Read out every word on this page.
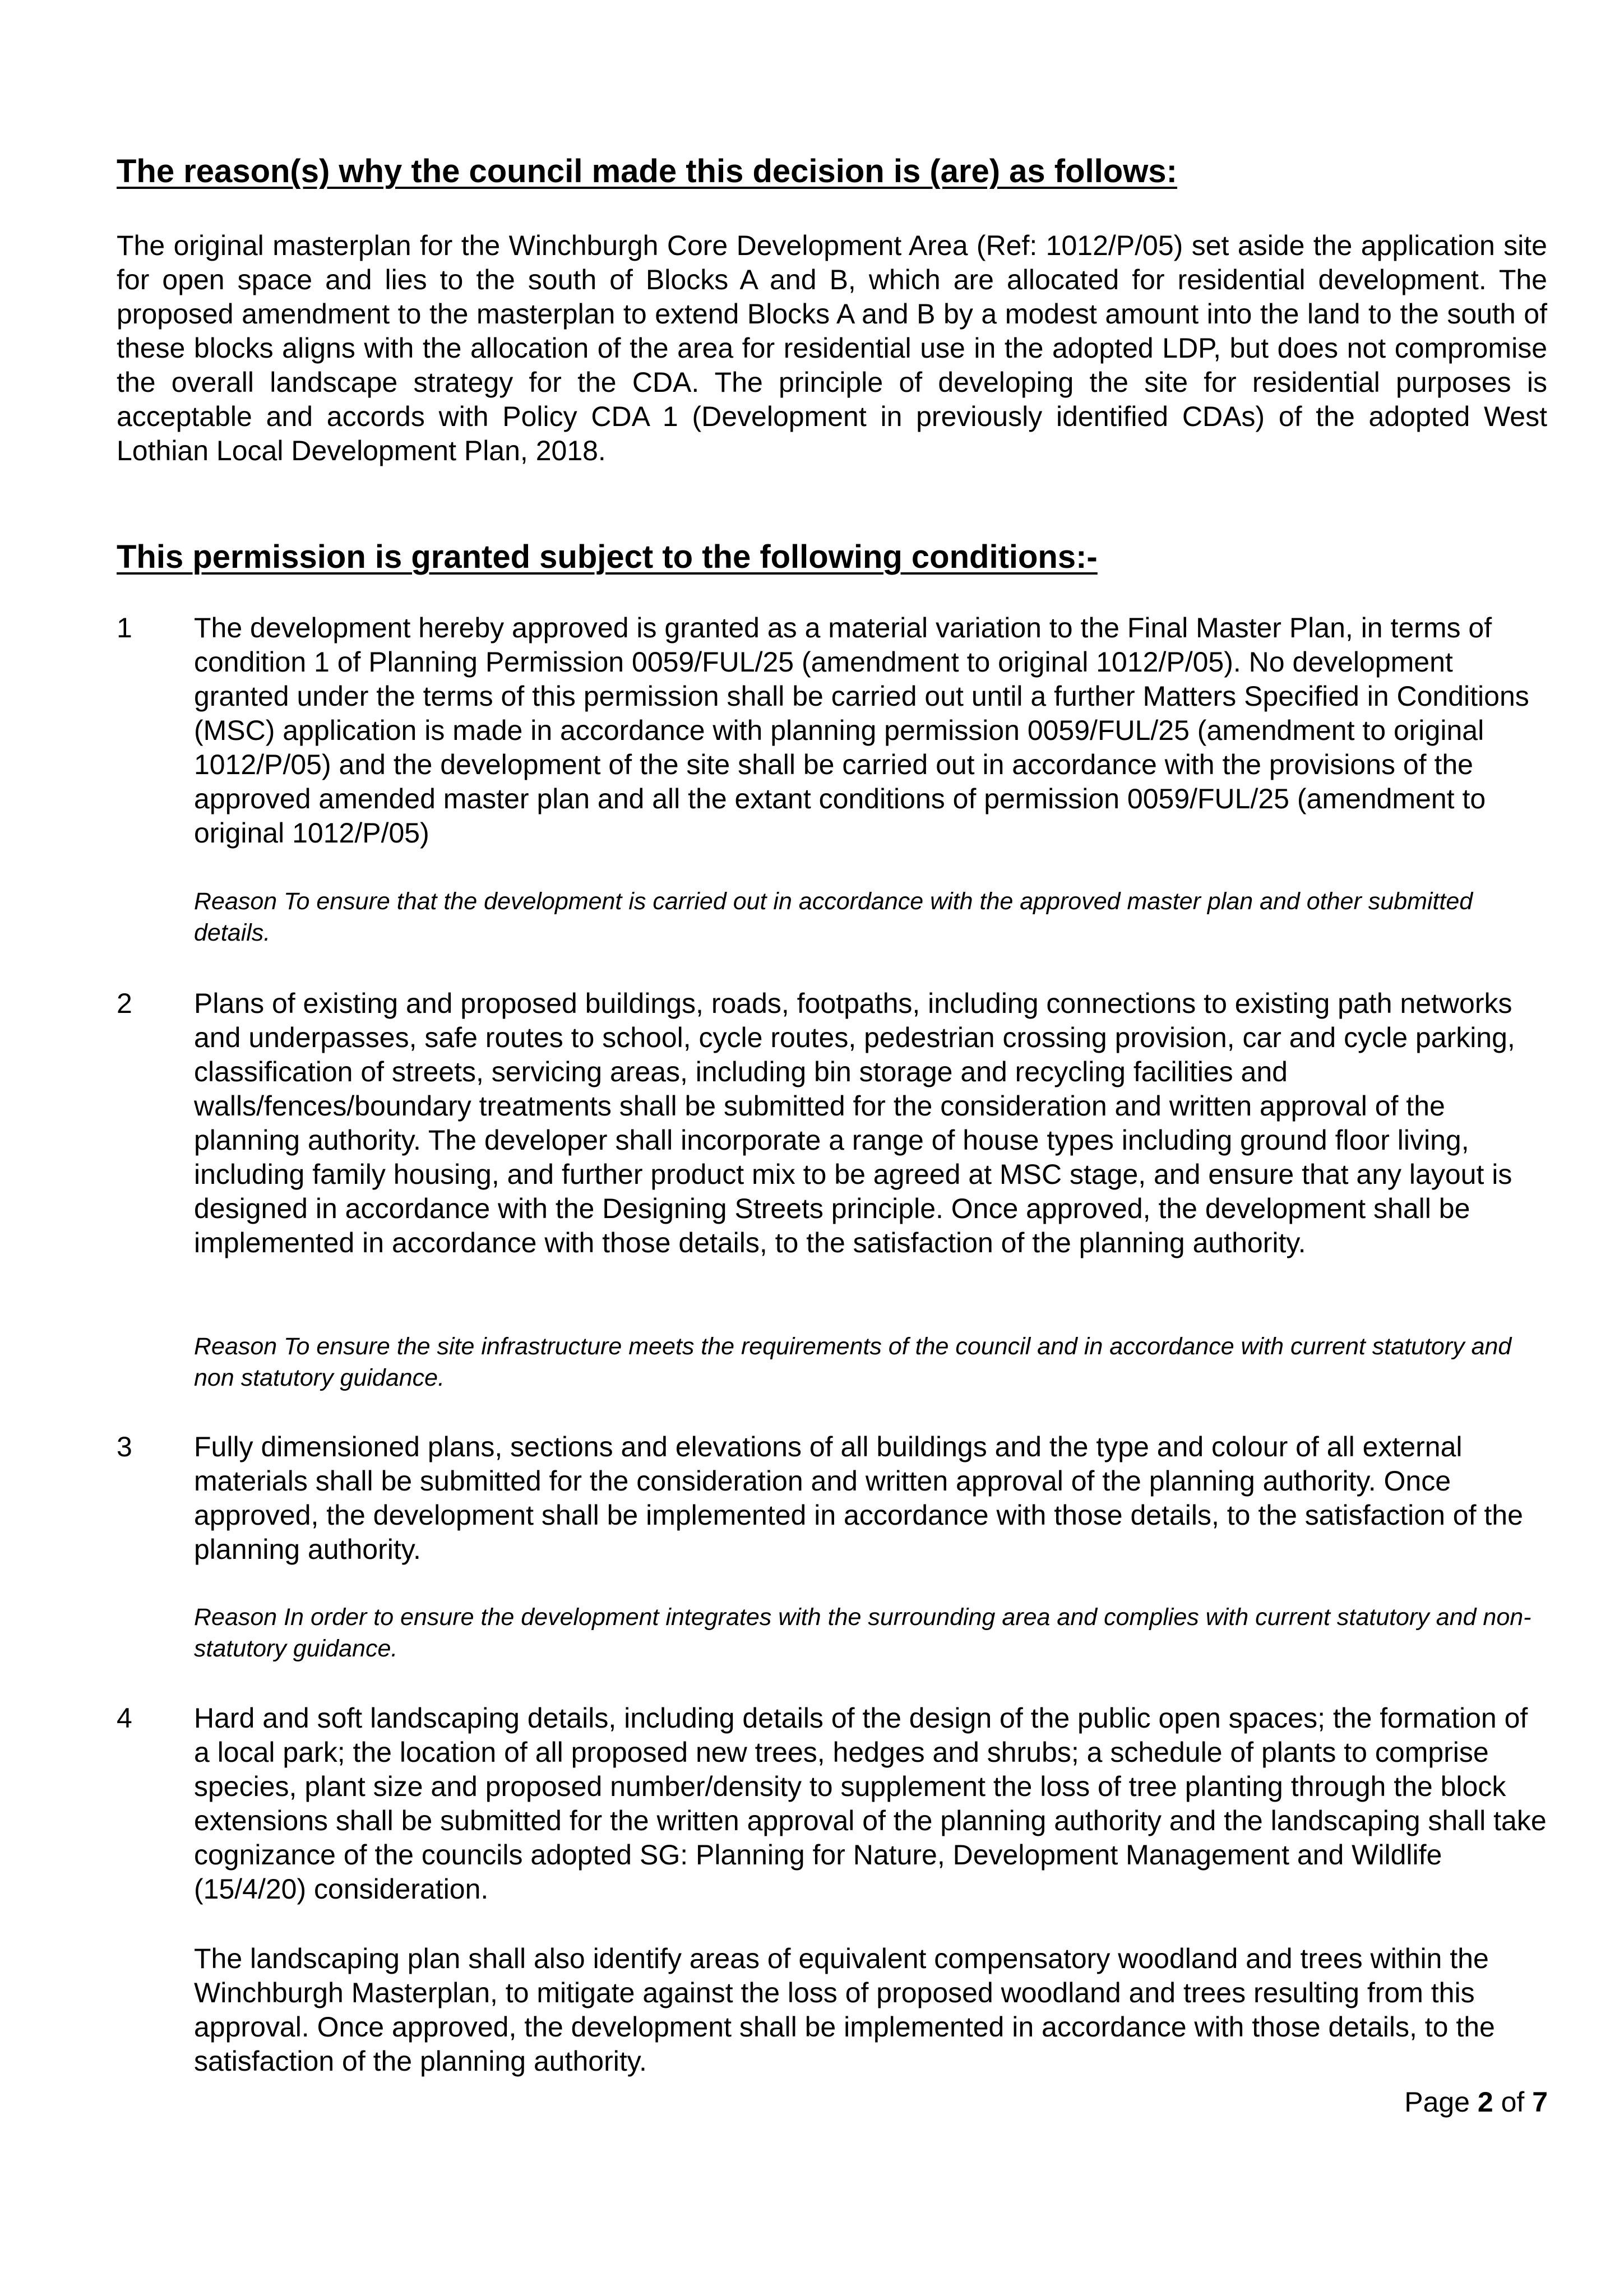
The reason(s) why the council made this decision is (are) as follows:

The original masterplan for the Winchburgh Core Development Area (Ref: 1012/P/05) set aside the application site for open space and lies to the south of Blocks A and B, which are allocated for residential development. The proposed amendment to the masterplan to extend Blocks A and B by a modest amount into the land to the south of these blocks aligns with the allocation of the area for residential use in the adopted LDP, but does not compromise the overall landscape strategy for the CDA. The principle of developing the site for residential purposes is acceptable and accords with Policy CDA 1 (Development in previously identified CDAs) of the adopted West Lothian Local Development Plan, 2018.

This permission is granted subject to the following conditions:-
1 The development hereby approved is granted as a material variation to the Final Master Plan, in terms of condition 1 of Planning Permission 0059/FUL/25 (amendment to original 1012/P/05). No development granted under the terms of this permission shall be carried out until a further Matters Specified in Conditions (MSC) application is made in accordance with planning permission 0059/FUL/25 (amendment to original 1012/P/05) and the development of the site shall be carried out in accordance with the provisions of the approved amended master plan and all the extant conditions of permission 0059/FUL/25 (amendment to original 1012/P/05)

Reason To ensure that the development is carried out in accordance with the approved master plan and other submitted details.

2 Plans of existing and proposed buildings, roads, footpaths, including connections to existing path networks and underpasses, safe routes to school, cycle routes, pedestrian crossing provision, car and cycle parking, classification of streets, servicing areas, including bin storage and recycling facilities and walls/fences/boundary treatments shall be submitted for the consideration and written approval of the planning authority. The developer shall incorporate a range of house types including ground floor living, including family housing, and further product mix to be agreed at MSC stage, and ensure that any layout is designed in accordance with the Designing Streets principle. Once approved, the development shall be implemented in accordance with those details, to the satisfaction of the planning authority.

Reason To ensure the site infrastructure meets the requirements of the council and in accordance with current statutory and non statutory guidance.

3 Fully dimensioned plans, sections and elevations of all buildings and the type and colour of all external materials shall be submitted for the consideration and written approval of the planning authority. Once approved, the development shall be implemented in accordance with those details, to the satisfaction of the planning authority.

Reason In order to ensure the development integrates with the surrounding area and complies with current statutory and non-statutory guidance.

4 Hard and soft landscaping details, including details of the design of the public open spaces; the formation of a local park; the location of all proposed new trees, hedges and shrubs; a schedule of plants to comprise species, plant size and proposed number/density to supplement the loss of tree planting through the block extensions shall be submitted for the written approval of the planning authority and the landscaping shall take cognizance of the councils adopted SG: Planning for Nature, Development Management and Wildlife (15/4/20) consideration.

The landscaping plan shall also identify areas of equivalent compensatory woodland and trees within the Winchburgh Masterplan, to mitigate against the loss of proposed woodland and trees resulting from this approval. Once approved, the development shall be implemented in accordance with those details, to the satisfaction of the planning authority.

Page 2 of 7
